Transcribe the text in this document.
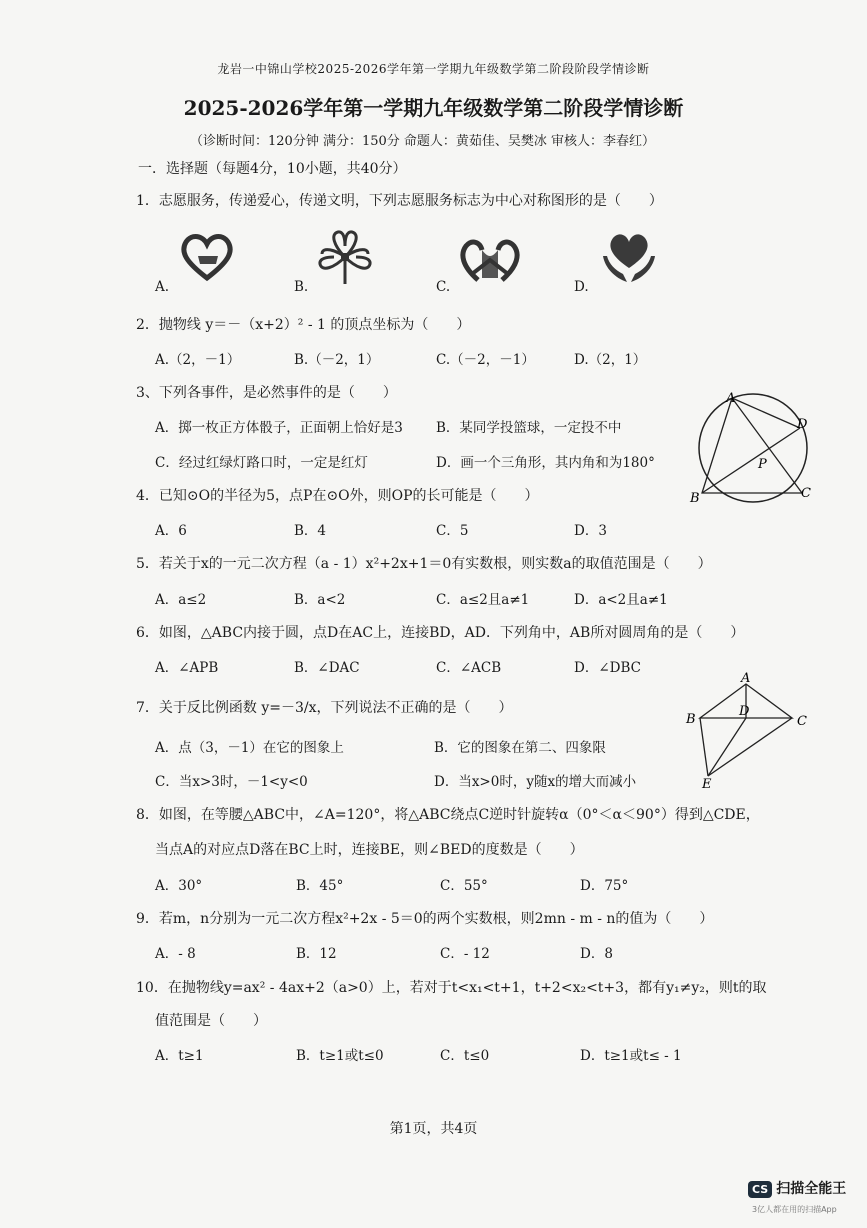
龙岩一中锦山学校2025-2026学年第一学期九年级数学第二阶段阶段学情诊断
2025-2026学年第一学期九年级数学第二阶段学情诊断
（诊断时间：120分钟 满分：150分 命题人：黄茹佳、吴樊冰 审核人：李春红）
一．选择题（每题4分，10小题，共40分）
1．志愿服务，传递爱心，传递文明，下列志愿服务标志为中心对称图形的是（　　）
A.	B.	C.	D.
2．抛物线 y＝－（x+2）² - 1 的顶点坐标为（　　）
A.（2，－1）	B.（－2，1）	C.（－2，－1）	D.（2，1）
3、下列各事件，是必然事件的是（　　）
A．掷一枚正方体骰子，正面朝上恰好是3 B．某同学投篮球，一定投不中
C．经过红绿灯路口时，一定是红灯	D．画一个三角形，其内角和为180°
A
B	C
D
P
4．已知⊙O的半径为5，点P在⊙O外，则OP的长可能是（　　）
A．6	B．4	C．5	D．3
5．若关于x的一元二次方程（a - 1）x²+2x+1＝0有实数根，则实数a的取值范围是（　　）
A．a≤2	B．a<2	C．a≤2且a≠1	D．a<2且a≠1
6．如图，△ABC内接于圆，点D在AC上，连接BD，AD．下列角中，AB所对圆周角的是（　　）
A．∠APB	B．∠DAC	C．∠ACB	D．∠DBC
7．关于反比例函数 y=－3/x，下列说法不正确的是（　　）
A．点（3，－1）在它的图象上	B．它的图象在第二、四象限
C．当x>3时，－1<y<0	D．当x>0时，y随x的增大而减小
A
B	C
D
E
8．如图，在等腰△ABC中，∠A=120°，将△ABC绕点C逆时针旋转α（0°＜α＜90°）得到△CDE，
当点A的对应点D落在BC上时，连接BE，则∠BED的度数是（　　）
A．30°	B．45°	C．55°	D．75°
9．若m，n分别为一元二次方程x²+2x - 5＝0的两个实数根，则2mn - m - n的值为（　　）
A．- 8	B．12	C．- 12	D．8
10．在抛物线y=ax² - 4ax+2（a>0）上，若对于t<x₁<t+1，t+2<x₂<t+3，都有y₁≠y₂，则t的取
值范围是（　　）
A．t≥1	B．t≥1或t≤0	C．t≤0	D．t≥1或t≤ - 1
第1页，共4页
CS 扫描全能王
3亿人都在用的扫描App
